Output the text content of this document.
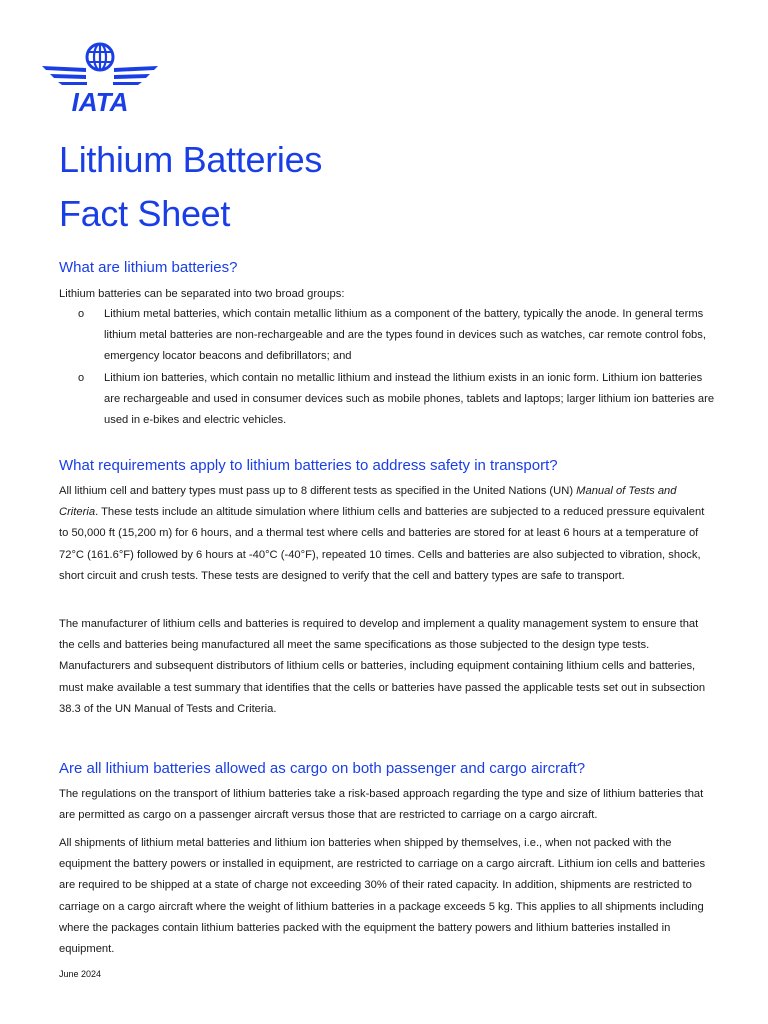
IATA
Lithium Batteries
Fact Sheet
What are lithium batteries?
Lithium batteries can be separated into two broad groups:
o Lithium metal batteries, which contain metallic lithium as a component of the battery, typically the anode. In general terms lithium metal batteries are non-rechargeable and are the types found in devices such as watches, car remote control fobs, emergency locator beacons and defibrillators; and
o Lithium ion batteries, which contain no metallic lithium and instead the lithium exists in an ionic form. Lithium ion batteries are rechargeable and used in consumer devices such as mobile phones, tablets and laptops; larger lithium ion batteries are used in e-bikes and electric vehicles.
What requirements apply to lithium batteries to address safety in transport?
All lithium cell and battery types must pass up to 8 different tests as specified in the United Nations (UN) Manual of Tests and Criteria. These tests include an altitude simulation where lithium cells and batteries are subjected to a reduced pressure equivalent to 50,000 ft (15,200 m) for 6 hours, and a thermal test where cells and batteries are stored for at least 6 hours at a temperature of 72°C (161.6°F) followed by 6 hours at -40°C (-40°F), repeated 10 times. Cells and batteries are also subjected to vibration, shock, short circuit and crush tests. These tests are designed to verify that the cell and battery types are safe to transport.
The manufacturer of lithium cells and batteries is required to develop and implement a quality management system to ensure that the cells and batteries being manufactured all meet the same specifications as those subjected to the design type tests. Manufacturers and subsequent distributors of lithium cells or batteries, including equipment containing lithium cells and batteries, must make available a test summary that identifies that the cells or batteries have passed the applicable tests set out in subsection 38.3 of the UN Manual of Tests and Criteria.
Are all lithium batteries allowed as cargo on both passenger and cargo aircraft?
The regulations on the transport of lithium batteries take a risk-based approach regarding the type and size of lithium batteries that are permitted as cargo on a passenger aircraft versus those that are restricted to carriage on a cargo aircraft.
All shipments of lithium metal batteries and lithium ion batteries when shipped by themselves, i.e., when not packed with the equipment the battery powers or installed in equipment, are restricted to carriage on a cargo aircraft. Lithium ion cells and batteries are required to be shipped at a state of charge not exceeding 30% of their rated capacity. In addition, shipments are restricted to carriage on a cargo aircraft where the weight of lithium batteries in a package exceeds 5 kg. This applies to all shipments including where the packages contain lithium batteries packed with the equipment the battery powers and lithium batteries installed in equipment.
June 2024
